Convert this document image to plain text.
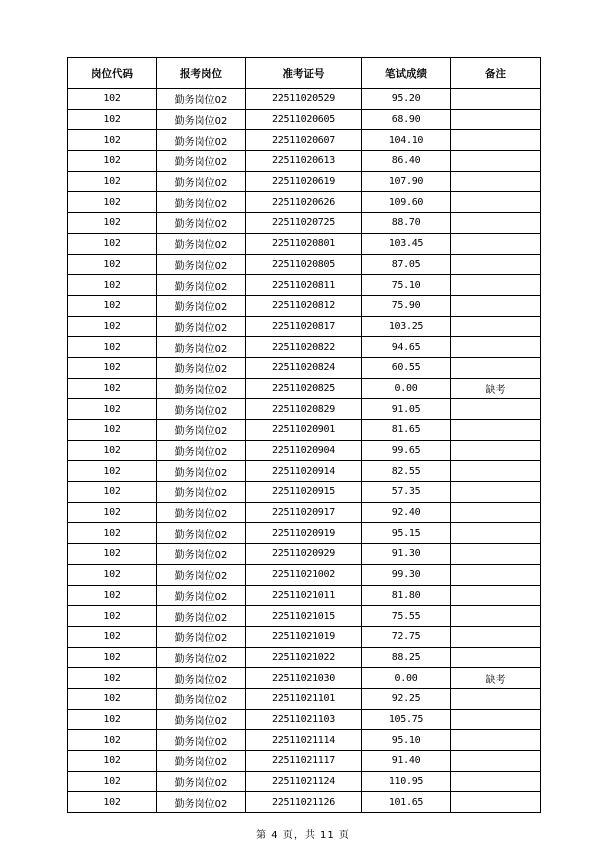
岗位代码	报考岗位	准考证号	笔试成绩	备注
102	勤务岗位02	22511020529	95.20	
102	勤务岗位02	22511020605	68.90	
102	勤务岗位02	22511020607	104.10	
102	勤务岗位02	22511020613	86.40	
102	勤务岗位02	22511020619	107.90	
102	勤务岗位02	22511020626	109.60	
102	勤务岗位02	22511020725	88.70	
102	勤务岗位02	22511020801	103.45	
102	勤务岗位02	22511020805	87.05	
102	勤务岗位02	22511020811	75.10	
102	勤务岗位02	22511020812	75.90	
102	勤务岗位02	22511020817	103.25	
102	勤务岗位02	22511020822	94.65	
102	勤务岗位02	22511020824	60.55	
102	勤务岗位02	22511020825	0.00	缺考
102	勤务岗位02	22511020829	91.05	
102	勤务岗位02	22511020901	81.65	
102	勤务岗位02	22511020904	99.65	
102	勤务岗位02	22511020914	82.55	
102	勤务岗位02	22511020915	57.35	
102	勤务岗位02	22511020917	92.40	
102	勤务岗位02	22511020919	95.15	
102	勤务岗位02	22511020929	91.30	
102	勤务岗位02	22511021002	99.30	
102	勤务岗位02	22511021011	81.80	
102	勤务岗位02	22511021015	75.55	
102	勤务岗位02	22511021019	72.75	
102	勤务岗位02	22511021022	88.25	
102	勤务岗位02	22511021030	0.00	缺考
102	勤务岗位02	22511021101	92.25	
102	勤务岗位02	22511021103	105.75	
102	勤务岗位02	22511021114	95.10	
102	勤务岗位02	22511021117	91.40	
102	勤务岗位02	22511021124	110.95	
102	勤务岗位02	22511021126	101.65	
第 4 页，共 11 页
